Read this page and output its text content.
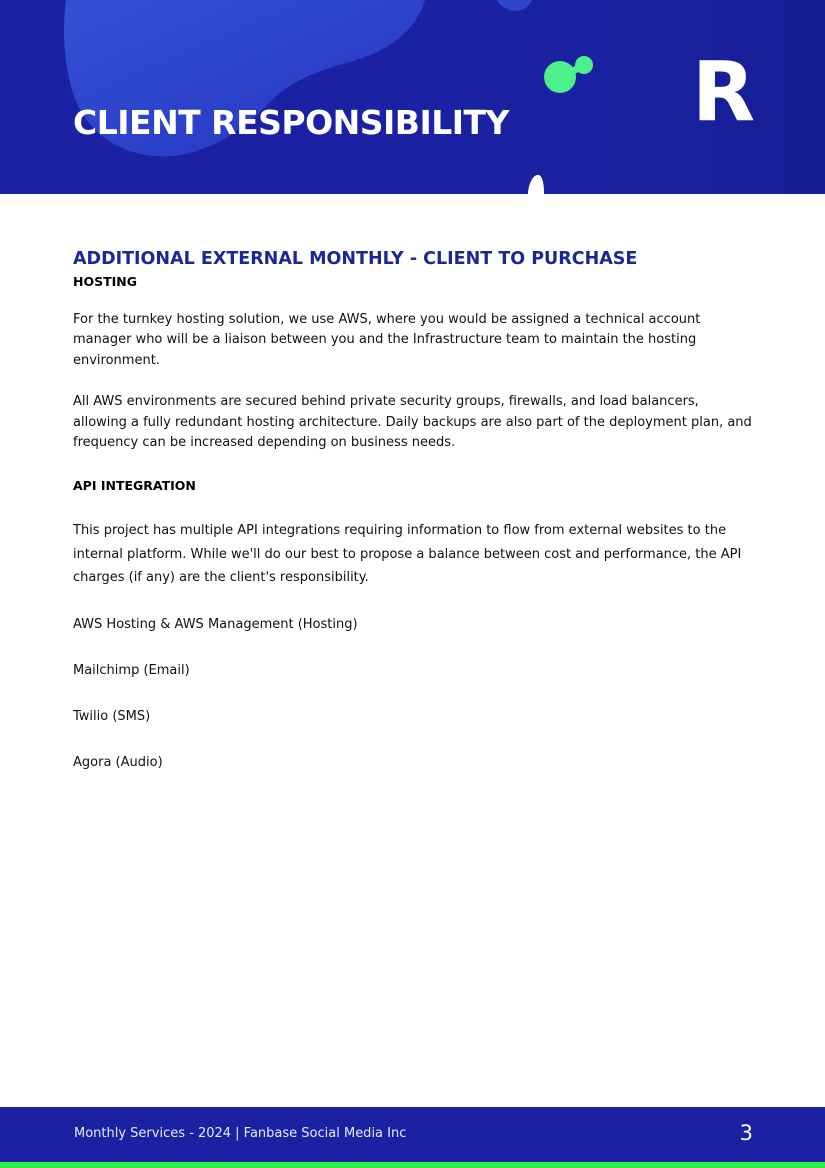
CLIENT RESPONSIBILITY R
ADDITIONAL EXTERNAL MONTHLY - CLIENT TO PURCHASE
HOSTING

For the turnkey hosting solution, we use AWS, where you would be assigned a technical account manager who will be a liaison between you and the Infrastructure team to maintain the hosting environment.

All AWS environments are secured behind private security groups, firewalls, and load balancers, allowing a fully redundant hosting architecture. Daily backups are also part of the deployment plan, and frequency can be increased depending on business needs.

API INTEGRATION

This project has multiple API integrations requiring information to flow from external websites to the internal platform. While we'll do our best to propose a balance between cost and performance, the API charges (if any) are the client's responsibility.

AWS Hosting & AWS Management (Hosting)

Mailchimp (Email)

Twilio (SMS)

Agora (Audio)

Monthly Services - 2024 | Fanbase Social Media Inc	3
